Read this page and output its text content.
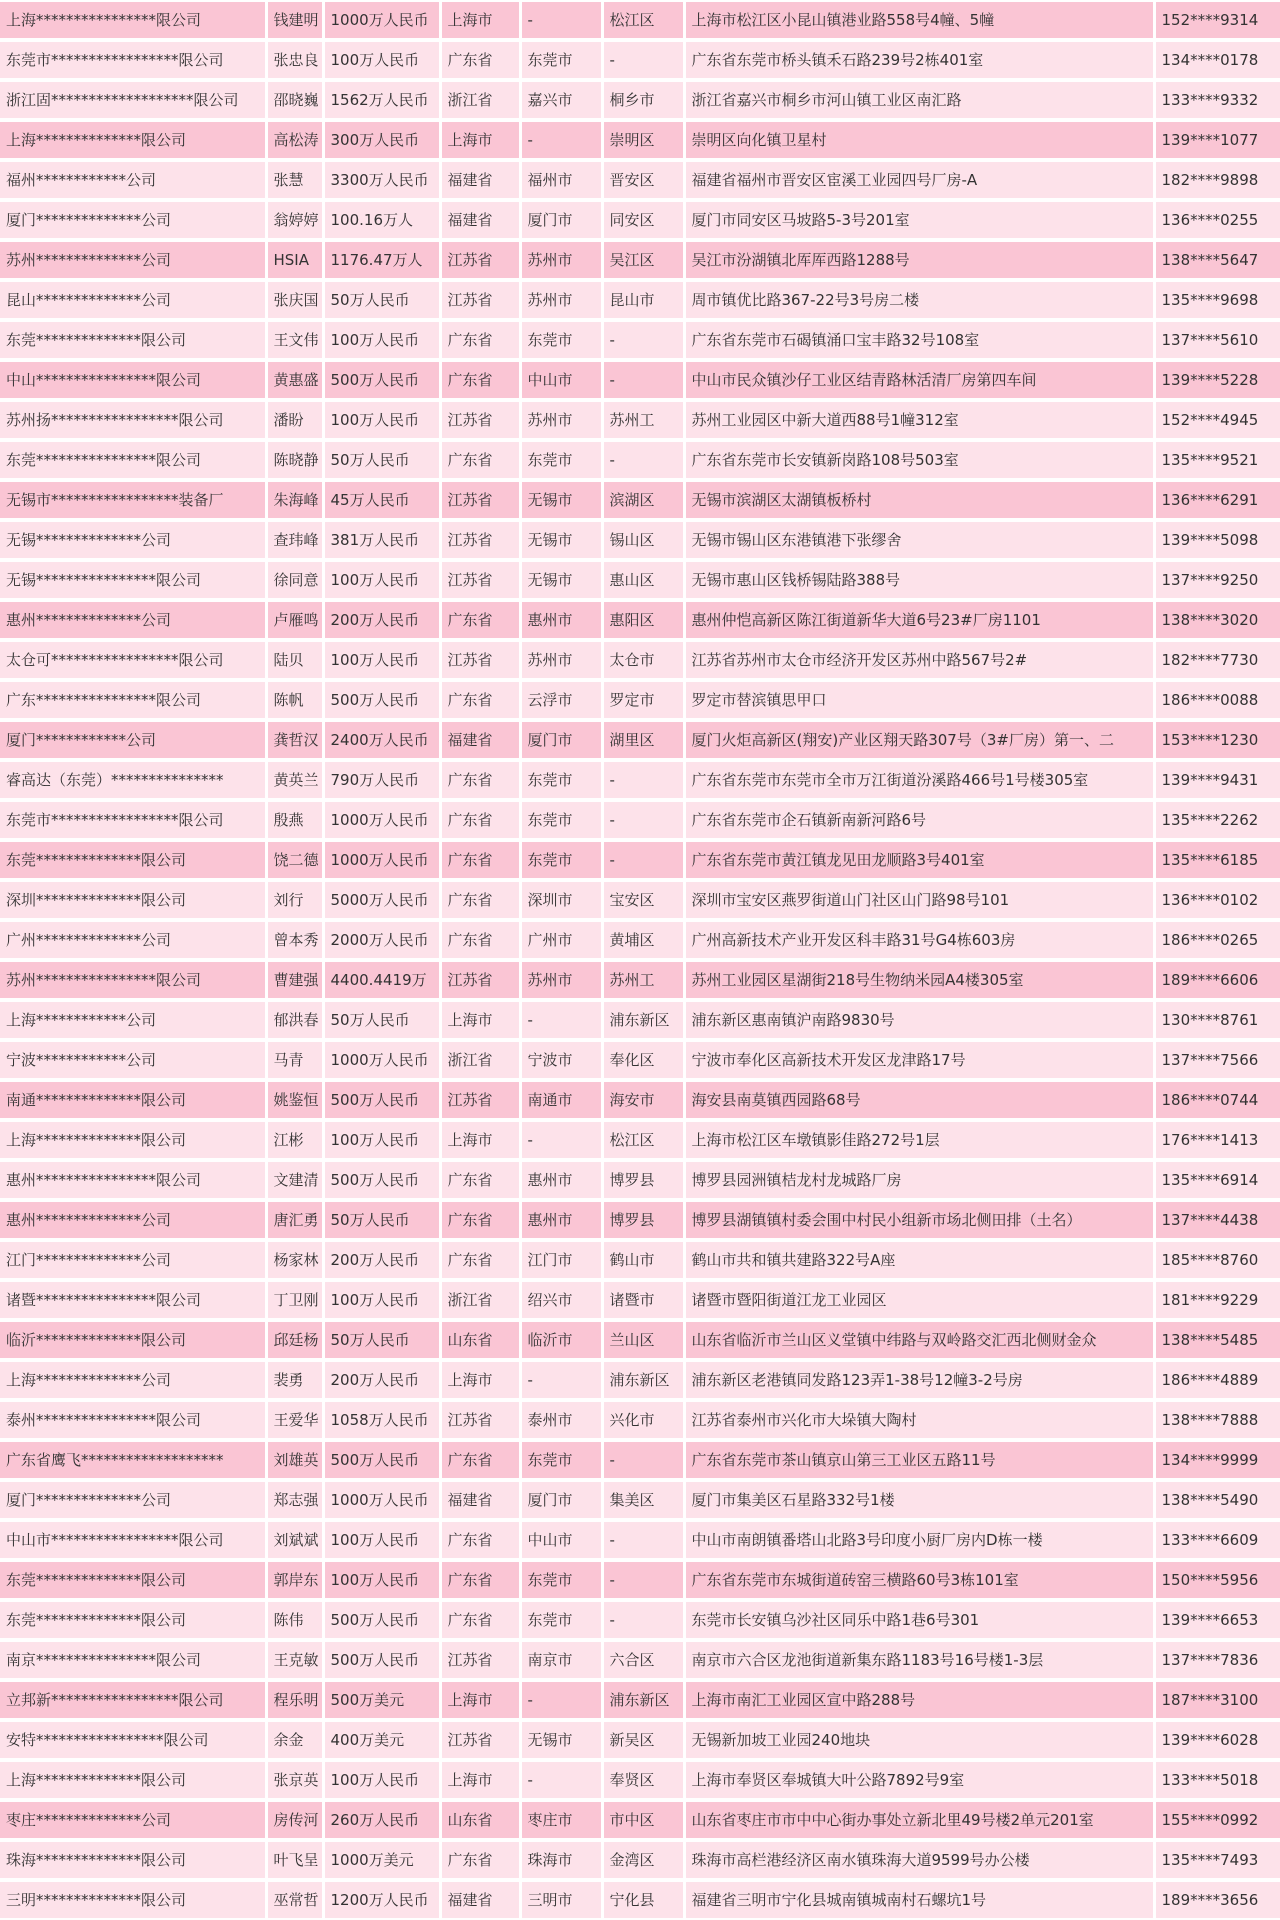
上海****************限公司	钱建明	1000万人民币	上海市	-	松江区	上海市松江区小昆山镇港业路558号4幢、5幢	152****9314
东莞市*****************限公司	张忠良	100万人民币	广东省	东莞市	-	广东省东莞市桥头镇禾石路239号2栋401室	134****0178
浙江固*******************限公司	邵晓巍	1562万人民币	浙江省	嘉兴市	桐乡市	浙江省嘉兴市桐乡市河山镇工业区南汇路	133****9332
上海**************限公司	高松涛	300万人民币	上海市	-	崇明区	崇明区向化镇卫星村	139****1077
福州************公司	张慧	3300万人民币	福建省	福州市	晋安区	福建省福州市晋安区宦溪工业园四号厂房-A	182****9898
厦门**************公司	翁婷婷	100.16万人	福建省	厦门市	同安区	厦门市同安区马坡路5-3号201室	136****0255
苏州**************公司	HSIA	1176.47万人	江苏省	苏州市	吴江区	吴江市汾湖镇北厍厍西路1288号	138****5647
昆山**************公司	张庆国	50万人民币	江苏省	苏州市	昆山市	周市镇优比路367-22号3号房二楼	135****9698
东莞**************限公司	王文伟	100万人民币	广东省	东莞市	-	广东省东莞市石碣镇涌口宝丰路32号108室	137****5610
中山****************限公司	黄惠盛	500万人民币	广东省	中山市	-	中山市民众镇沙仔工业区结青路林活清厂房第四车间	139****5228
苏州扬*****************限公司	潘盼	100万人民币	江苏省	苏州市	苏州工	苏州工业园区中新大道西88号1幢312室	152****4945
东莞****************限公司	陈晓静	50万人民币	广东省	东莞市	-	广东省东莞市长安镇新岗路108号503室	135****9521
无锡市*****************装备厂	朱海峰	45万人民币	江苏省	无锡市	滨湖区	无锡市滨湖区太湖镇板桥村	136****6291
无锡**************公司	查玮峰	381万人民币	江苏省	无锡市	锡山区	无锡市锡山区东港镇港下张缪舍	139****5098
无锡****************限公司	徐同意	100万人民币	江苏省	无锡市	惠山区	无锡市惠山区钱桥锡陆路388号	137****9250
惠州**************公司	卢雁鸣	200万人民币	广东省	惠州市	惠阳区	惠州仲恺高新区陈江街道新华大道6号23#厂房1101	138****3020
太仓可*****************限公司	陆贝	100万人民币	江苏省	苏州市	太仓市	江苏省苏州市太仓市经济开发区苏州中路567号2#	182****7730
广东****************限公司	陈帆	500万人民币	广东省	云浮市	罗定市	罗定市替滨镇思甲口	186****0088
厦门************公司	龚哲汉	2400万人民币	福建省	厦门市	湖里区	厦门火炬高新区(翔安)产业区翔天路307号（3#厂房）第一、二	153****1230
睿高达（东莞）***************	黄英兰	790万人民币	广东省	东莞市	-	广东省东莞市东莞市全市万江街道汾溪路466号1号楼305室	139****9431
东莞市*****************限公司	殷燕	1000万人民币	广东省	东莞市	-	广东省东莞市企石镇新南新河路6号	135****2262
东莞**************限公司	饶二德	1000万人民币	广东省	东莞市	-	广东省东莞市黄江镇龙见田龙顺路3号401室	135****6185
深圳**************限公司	刘行	5000万人民币	广东省	深圳市	宝安区	深圳市宝安区燕罗街道山门社区山门路98号101	136****0102
广州**************公司	曾本秀	2000万人民币	广东省	广州市	黄埔区	广州高新技术产业开发区科丰路31号G4栋603房	186****0265
苏州****************限公司	曹建强	4400.4419万	江苏省	苏州市	苏州工	苏州工业园区星湖街218号生物纳米园A4楼305室	189****6606
上海************公司	郁洪春	50万人民币	上海市	-	浦东新区	浦东新区惠南镇沪南路9830号	130****8761
宁波************公司	马青	1000万人民币	浙江省	宁波市	奉化区	宁波市奉化区高新技术开发区龙津路17号	137****7566
南通**************限公司	姚鉴恒	500万人民币	江苏省	南通市	海安市	海安县南莫镇西园路68号	186****0744
上海**************限公司	江彬	100万人民币	上海市	-	松江区	上海市松江区车墩镇影佳路272号1层	176****1413
惠州****************限公司	文建清	500万人民币	广东省	惠州市	博罗县	博罗县园洲镇桔龙村龙城路厂房	135****6914
惠州**************公司	唐汇勇	50万人民币	广东省	惠州市	博罗县	博罗县湖镇镇村委会围中村民小组新市场北侧田排（土名）	137****4438
江门**************公司	杨家林	200万人民币	广东省	江门市	鹤山市	鹤山市共和镇共建路322号A座	185****8760
诸暨****************限公司	丁卫刚	100万人民币	浙江省	绍兴市	诸暨市	诸暨市暨阳街道江龙工业园区	181****9229
临沂**************限公司	邱廷杨	50万人民币	山东省	临沂市	兰山区	山东省临沂市兰山区义堂镇中纬路与双岭路交汇西北侧财金众	138****5485
上海**************公司	裴勇	200万人民币	上海市	-	浦东新区	浦东新区老港镇同发路123弄1-38号12幢3-2号房	186****4889
泰州****************限公司	王爱华	1058万人民币	江苏省	泰州市	兴化市	江苏省泰州市兴化市大垛镇大陶村	138****7888
广东省鹰飞*******************	刘雄英	500万人民币	广东省	东莞市	-	广东省东莞市茶山镇京山第三工业区五路11号	134****9999
厦门**************公司	郑志强	1000万人民币	福建省	厦门市	集美区	厦门市集美区石星路332号1楼	138****5490
中山市*****************限公司	刘斌斌	100万人民币	广东省	中山市	-	中山市南朗镇番塔山北路3号印度小厨厂房内D栋一楼	133****6609
东莞**************限公司	郭岸东	100万人民币	广东省	东莞市	-	广东省东莞市东城街道砖窑三横路60号3栋101室	150****5956
东莞**************限公司	陈伟	500万人民币	广东省	东莞市	-	东莞市长安镇乌沙社区同乐中路1巷6号301	139****6653
南京****************限公司	王克敏	500万人民币	江苏省	南京市	六合区	南京市六合区龙池街道新集东路1183号16号楼1-3层	137****7836
立邦新*****************限公司	程乐明	500万美元	上海市	-	浦东新区	上海市南汇工业园区宣中路288号	187****3100
安特*****************限公司	余金	400万美元	江苏省	无锡市	新吴区	无锡新加坡工业园240地块	139****6028
上海**************限公司	张京英	100万人民币	上海市	-	奉贤区	上海市奉贤区奉城镇大叶公路7892号9室	133****5018
枣庄**************公司	房传河	260万人民币	山东省	枣庄市	市中区	山东省枣庄市市中中心街办事处立新北里49号楼2单元201室	155****0992
珠海**************限公司	叶飞呈	1000万美元	广东省	珠海市	金湾区	珠海市高栏港经济区南水镇珠海大道9599号办公楼	135****7493
三明**************限公司	巫常哲	1200万人民币	福建省	三明市	宁化县	福建省三明市宁化县城南镇城南村石螺坑1号	189****3656
